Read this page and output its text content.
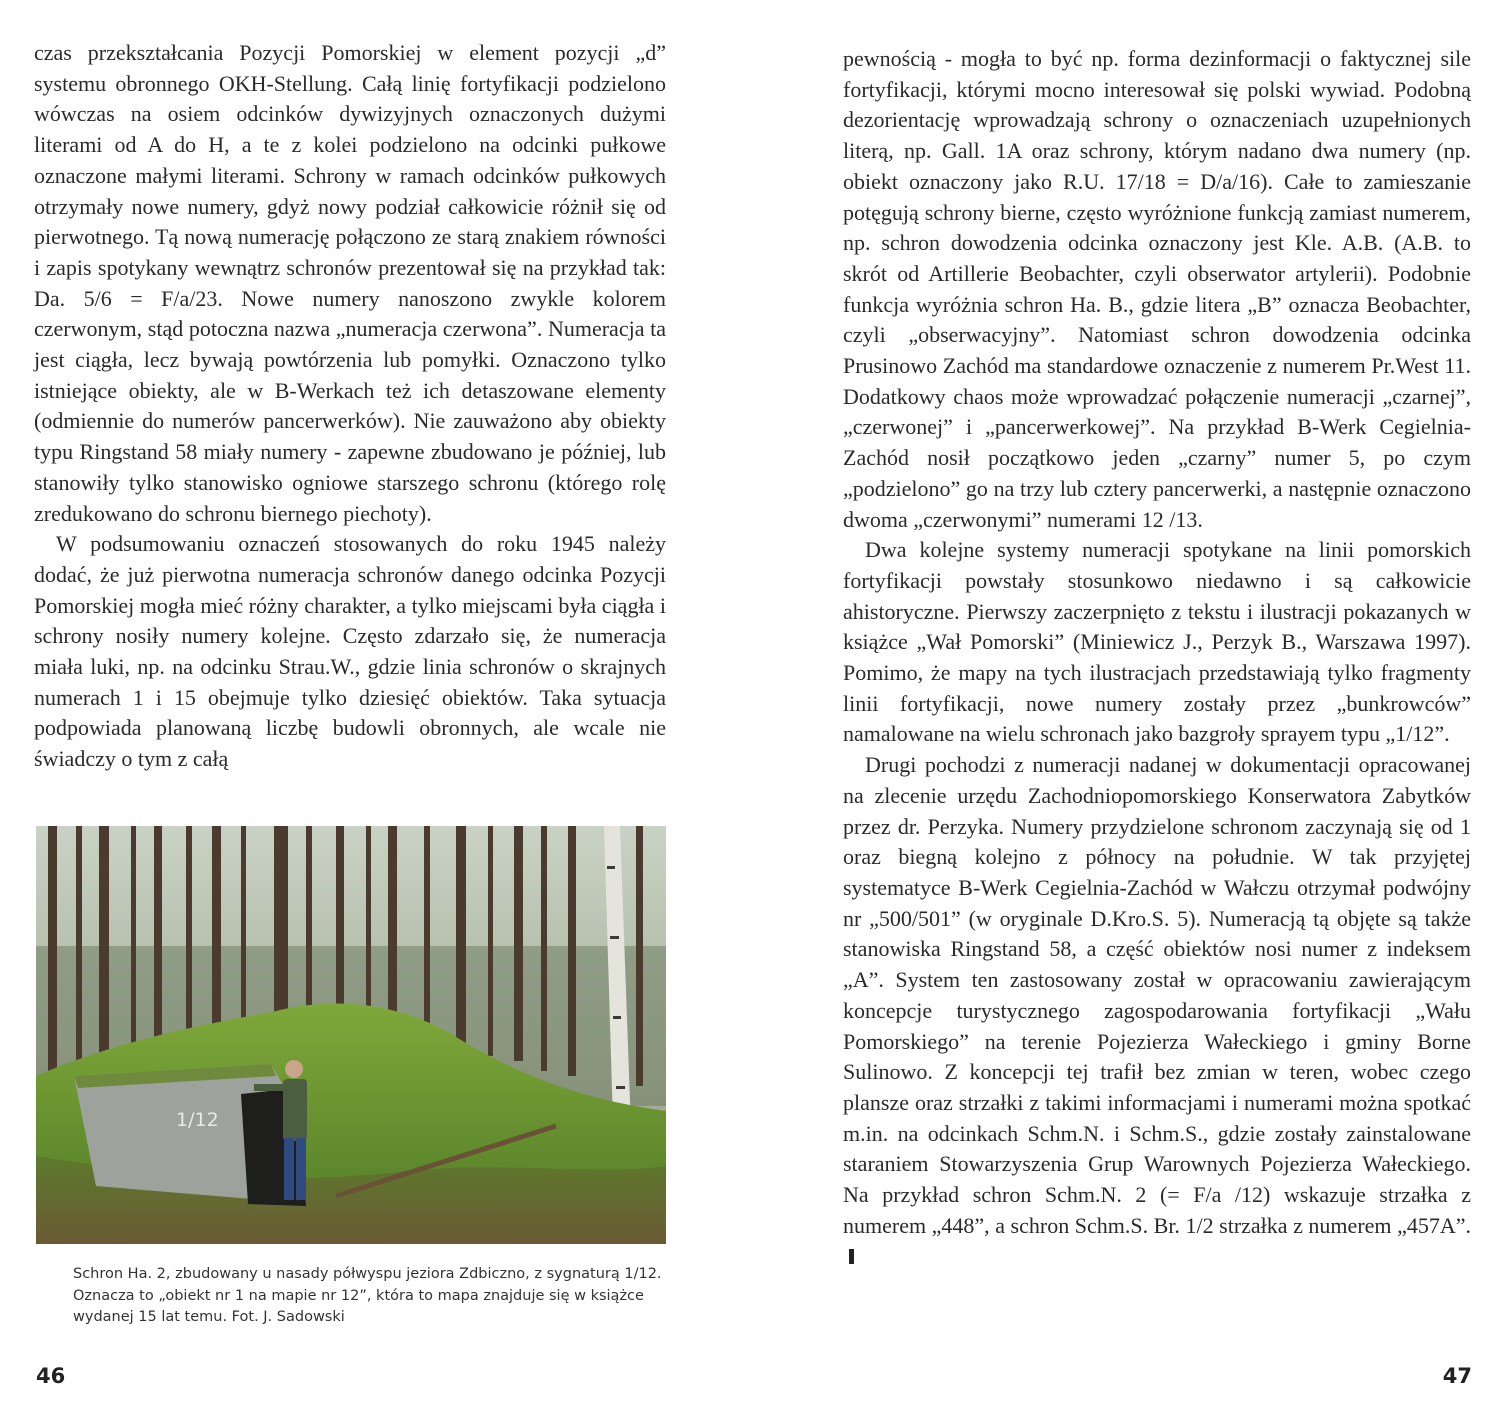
czas przekształcania Pozycji Pomorskiej w element pozycji „d” systemu obronnego OKH-Stellung. Całą linię fortyfikacji podzielono wówczas na osiem odcinków dywizyjnych oznaczonych dużymi literami od A do H, a te z kolei podzielono na odcinki pułkowe oznaczone małymi literami. Schrony w ramach odcinków pułkowych otrzymały nowe numery, gdyż nowy podział całkowicie różnił się od pierwotnego. Tą nową numerację połączono ze starą znakiem równości i zapis spotykany wewnątrz schronów prezentował się na przykład tak: Da. 5/6 = F/a/23. Nowe numery nanoszono zwykle kolorem czerwonym, stąd potoczna nazwa „numeracja czerwona”. Numeracja ta jest ciągła, lecz bywają powtórzenia lub pomyłki. Oznaczono tylko istniejące obiekty, ale w B-Werkach też ich detaszowane elementy (odmiennie do numerów pancerwerków). Nie zauważono aby obiekty typu Ringstand 58 miały numery - zapewne zbudowano je później, lub stanowiły tylko stanowisko ogniowe starszego schronu (którego rolę zredukowano do schronu biernego piechoty).

W podsumowaniu oznaczeń stosowanych do roku 1945 należy dodać, że już pierwotna numeracja schronów danego odcinka Pozycji Pomorskiej mogła mieć różny charakter, a tylko miejscami była ciągła i schrony nosiły numery kolejne. Często zdarzało się, że numeracja miała luki, np. na odcinku Strau.W., gdzie linia schronów o skrajnych numerach 1 i 15 obejmuje tylko dziesięć obiektów. Taka sytuacja podpowiada planowaną liczbę budowli obronnych, ale wcale nie świadczy o tym z całą

1/12
Schron Ha. 2, zbudowany u nasady półwyspu jeziora Zdbiczno, z sygnaturą 1/12. Oznacza to „obiekt nr 1 na mapie nr 12”, która to mapa znajduje się w książce wydanej 15 lat temu. Fot. J. Sadowski
46

pewnością - mogła to być np. forma dezinformacji o faktycznej sile fortyfikacji, którymi mocno interesował się polski wywiad. Podobną dezorientację wprowadzają schrony o oznaczeniach uzupełnionych literą, np. Gall. 1A oraz schrony, którym nadano dwa numery (np. obiekt oznaczony jako R.U. 17/18 = D/a/16). Całe to zamieszanie potęgują schrony bierne, często wyróżnione funkcją zamiast numerem, np. schron dowodzenia odcinka oznaczony jest Kle. A.B. (A.B. to skrót od Artillerie Beobachter, czyli obserwator artylerii). Podobnie funkcja wyróżnia schron Ha. B., gdzie litera „B” oznacza Beobachter, czyli „obserwacyjny”. Natomiast schron dowodzenia odcinka Prusinowo Zachód ma standardowe oznaczenie z numerem Pr.West 11. Dodatkowy chaos może wprowadzać połączenie numeracji „czarnej”, „czerwonej” i „pancerwerkowej”. Na przykład B-Werk Cegielnia-Zachód nosił początkowo jeden „czarny” numer 5, po czym „podzielono” go na trzy lub cztery pancerwerki, a następnie oznaczono dwoma „czerwonymi” numerami 12 /13.

Dwa kolejne systemy numeracji spotykane na linii pomorskich fortyfikacji powstały stosunkowo niedawno i są całkowicie ahistoryczne. Pierwszy zaczerpnięto z tekstu i ilustracji pokazanych w książce „Wał Pomorski” (Miniewicz J., Perzyk B., Warszawa 1997). Pomimo, że mapy na tych ilustracjach przedstawiają tylko fragmenty linii fortyfikacji, nowe numery zostały przez „bunkrowców” namalowane na wielu schronach jako bazgroły sprayem typu „1/12”.

Drugi pochodzi z numeracji nadanej w dokumentacji opracowanej na zlecenie urzędu Zachodniopomorskiego Konserwatora Zabytków przez dr. Perzyka. Numery przydzielone schronom zaczynają się od 1 oraz biegną kolejno z północy na południe. W tak przyjętej systematyce B-Werk Cegielnia-Zachód w Wałczu otrzymał podwójny nr „500/501” (w oryginale D.Kro.S. 5). Numeracją tą objęte są także stanowiska Ringstand 58, a część obiektów nosi numer z indeksem „A”. System ten zastosowany został w opracowaniu zawierającym koncepcje turystycznego zagospodarowania fortyfikacji „Wału Pomorskiego” na terenie Pojezierza Wałeckiego i gminy Borne Sulinowo. Z koncepcji tej trafił bez zmian w teren, wobec czego plansze oraz strzałki z takimi informacjami i numerami można spotkać m.in. na odcinkach Schm.N. i Schm.S., gdzie zostały zainstalowane staraniem Stowarzyszenia Grup Warownych Pojezierza Wałeckiego. Na przykład schron Schm.N. 2 (= F/a /12) wskazuje strzałka z numerem „448”, a schron Schm.S. Br. 1/2 strzałka z numerem „457A”.

47
